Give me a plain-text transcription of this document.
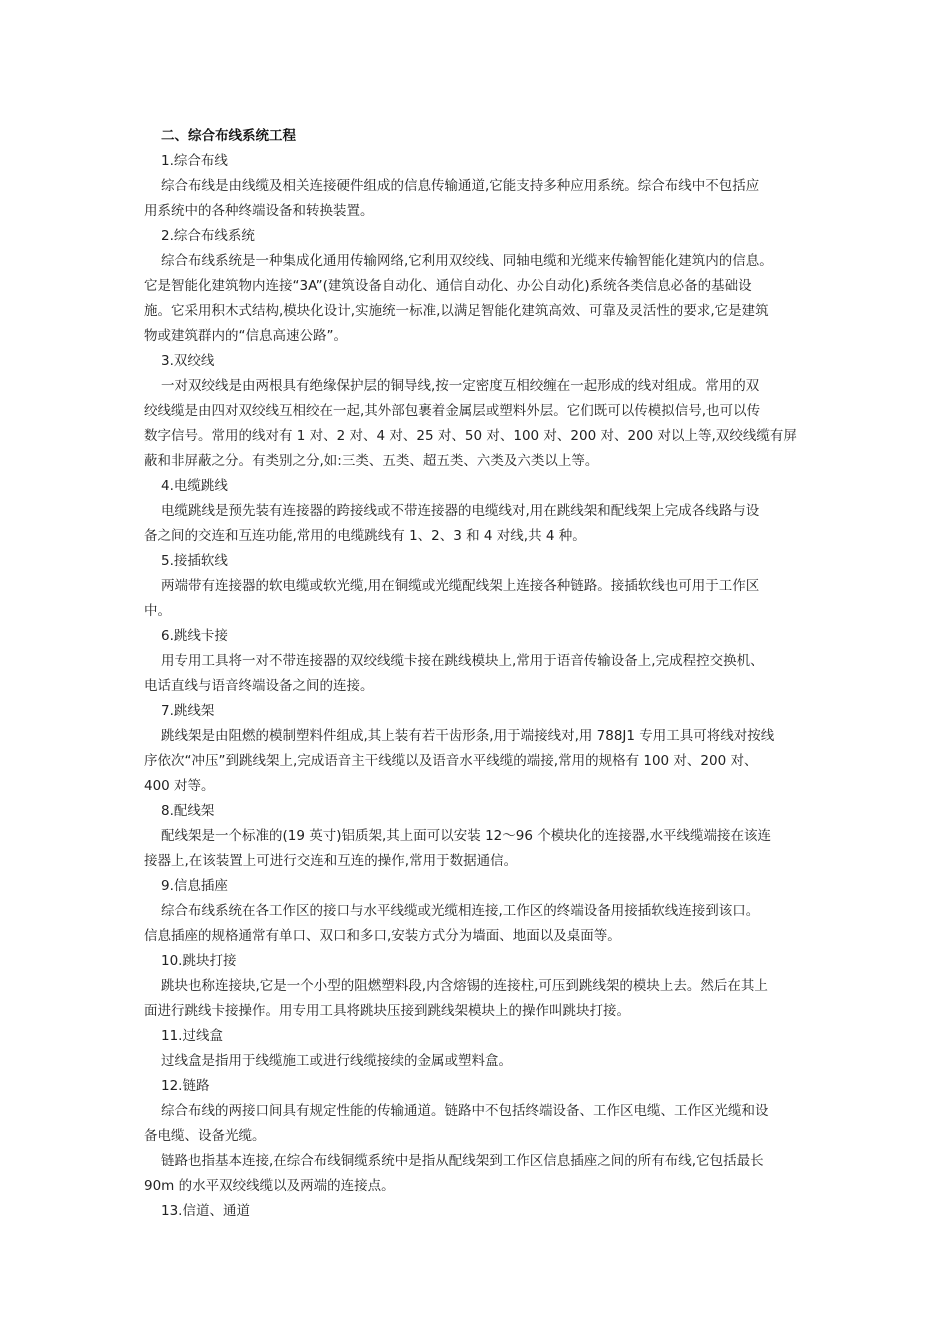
二、综合布线系统工程
1.综合布线
综合布线是由线缆及相关连接硬件组成的信息传输通道,它能支持多种应用系统。综合布线中不包括应
用系统中的各种终端设备和转换装置。
2.综合布线系统
综合布线系统是一种集成化通用传输网络,它利用双绞线、同轴电缆和光缆来传输智能化建筑内的信息。
它是智能化建筑物内连接“3A”(建筑设备自动化、通信自动化、办公自动化)系统各类信息必备的基础设
施。它采用积木式结构,模块化设计,实施统一标准,以满足智能化建筑高效、可靠及灵活性的要求,它是建筑
物或建筑群内的“信息高速公路”。
3.双绞线
一对双绞线是由两根具有绝缘保护层的铜导线,按一定密度互相绞缠在一起形成的线对组成。常用的双
绞线缆是由四对双绞线互相绞在一起,其外部包裹着金属层或塑料外层。它们既可以传模拟信号,也可以传
数字信号。常用的线对有 1 对、2 对、4 对、25 对、50 对、100 对、200 对、200 对以上等,双绞线缆有屏
蔽和非屏蔽之分。有类别之分,如:三类、五类、超五类、六类及六类以上等。
4.电缆跳线
电缆跳线是预先装有连接器的跨接线或不带连接器的电缆线对,用在跳线架和配线架上完成各线路与设
备之间的交连和互连功能,常用的电缆跳线有 1、2、3 和 4 对线,共 4 种。
5.接插软线
两端带有连接器的软电缆或软光缆,用在铜缆或光缆配线架上连接各种链路。接插软线也可用于工作区
中。
6.跳线卡接
用专用工具将一对不带连接器的双绞线缆卡接在跳线模块上,常用于语音传输设备上,完成程控交换机、
电话直线与语音终端设备之间的连接。
7.跳线架
跳线架是由阻燃的模制塑料件组成,其上装有若干齿形条,用于端接线对,用 788J1 专用工具可将线对按线
序依次“冲压”到跳线架上,完成语音主干线缆以及语音水平线缆的端接,常用的规格有 100 对、200 对、
400 对等。
8.配线架
配线架是一个标准的(19 英寸)铝质架,其上面可以安装 12～96 个模块化的连接器,水平线缆端接在该连
接器上,在该装置上可进行交连和互连的操作,常用于数据通信。
9.信息插座
综合布线系统在各工作区的接口与水平线缆或光缆相连接,工作区的终端设备用接插软线连接到该口。
信息插座的规格通常有单口、双口和多口,安装方式分为墙面、地面以及桌面等。
10.跳块打接
跳块也称连接块,它是一个小型的阻燃塑料段,内含熔锡的连接柱,可压到跳线架的模块上去。然后在其上
面进行跳线卡接操作。用专用工具将跳块压接到跳线架模块上的操作叫跳块打接。
11.过线盒
过线盒是指用于线缆施工或进行线缆接续的金属或塑料盒。
12.链路
综合布线的两接口间具有规定性能的传输通道。链路中不包括终端设备、工作区电缆、工作区光缆和设
备电缆、设备光缆。
链路也指基本连接,在综合布线铜缆系统中是指从配线架到工作区信息插座之间的所有布线,它包括最长
90m 的水平双绞线缆以及两端的连接点。
13.信道、通道
